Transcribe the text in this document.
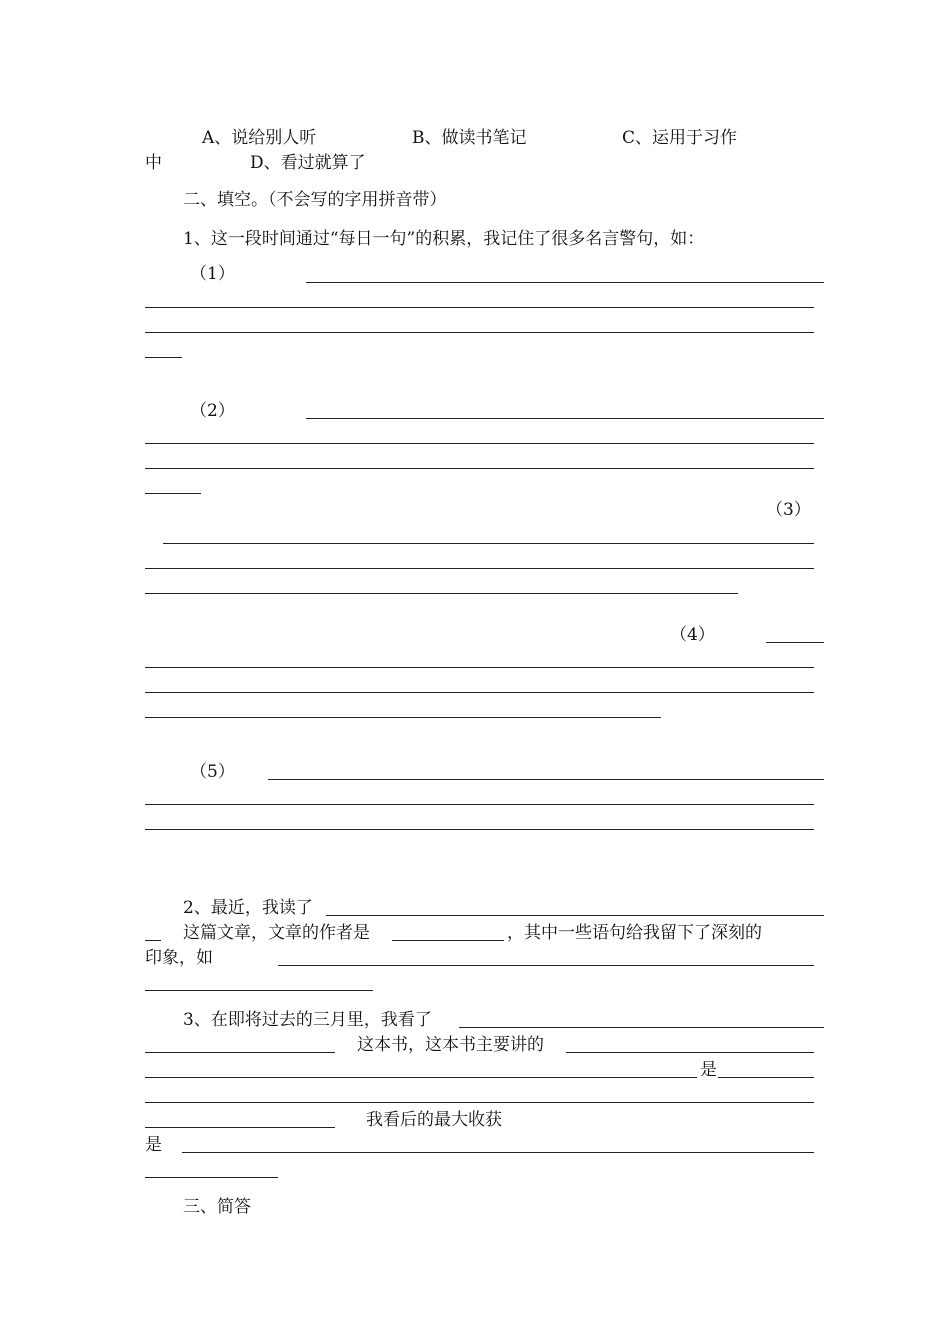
A、说给别人听	B、做读书笔记	C、运用于习作
中	D、看过就算了
二、填空。（不会写的字用拼音带）
1、这一段时间通过“每日一句”的积累，我记住了很多名言警句，如：
（1）
（2）
（3）
（4）
（5）
2、最近，我读了
这篇文章，文章的作者是	，其中一些语句给我留下了深刻的
印象，如
3、在即将过去的三月里，我看了
这本书，这本书主要讲的
是
我看后的最大收获
是
三、简答
